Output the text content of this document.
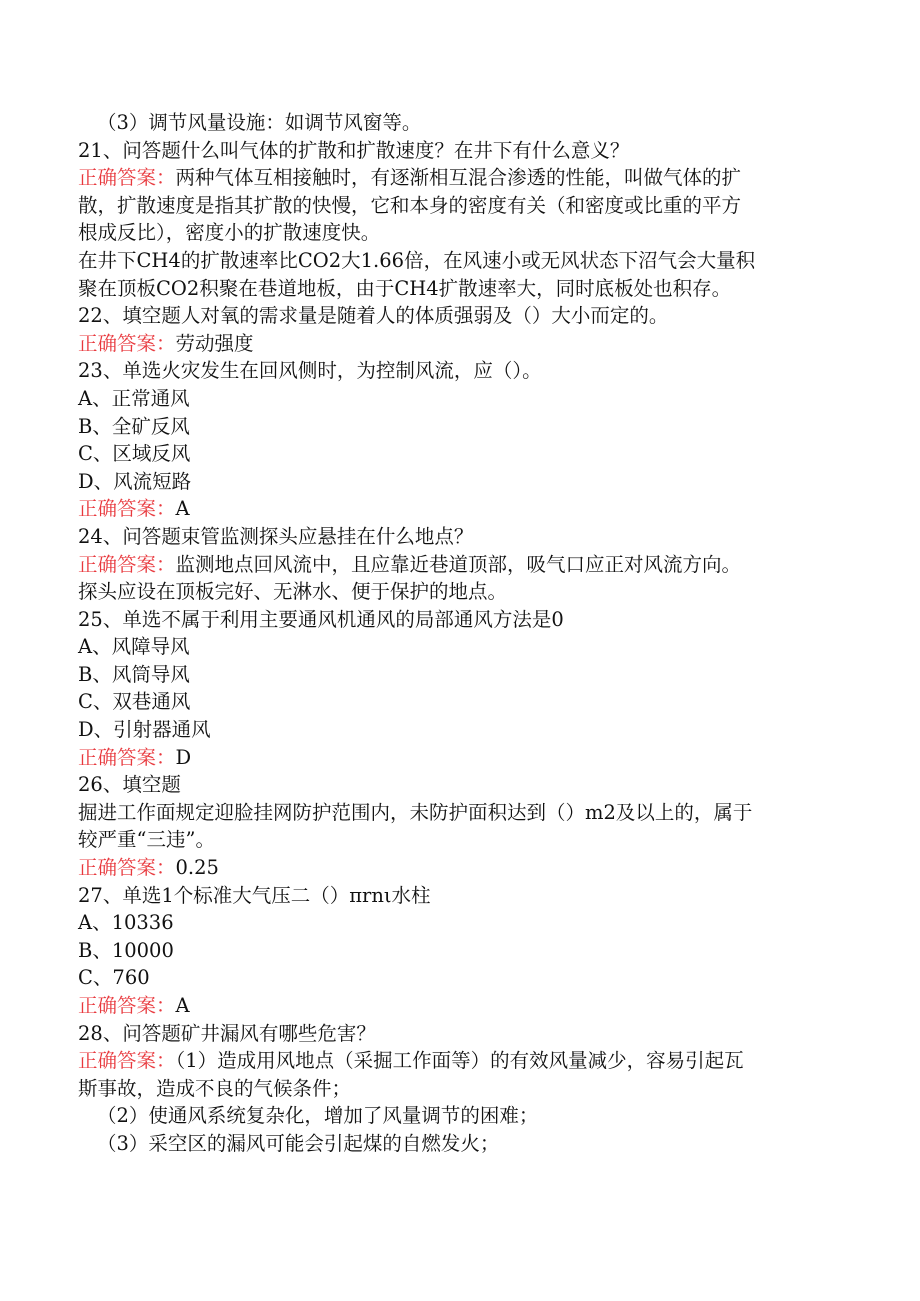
（3）调节风量设施：如调节风窗等。
21、问答题什么叫气体的扩散和扩散速度？在井下有什么意义？
正确答案：两种气体互相接触时，有逐渐相互混合渗透的性能，叫做气体的扩
散，扩散速度是指其扩散的快慢，它和本身的密度有关（和密度或比重的平方
根成反比），密度小的扩散速度快。
在井下CH4的扩散速率比CO2大1.66倍，在风速小或无风状态下沼气会大量积
聚在顶板CO2积聚在巷道地板，由于CH4扩散速率大，同时底板处也积存。
22、填空题人对氧的需求量是随着人的体质强弱及（）大小而定的。
正确答案：劳动强度
23、单选火灾发生在回风侧时，为控制风流，应（）。
A、正常通风
B、全矿反风
C、区域反风
D、风流短路
正确答案：A
24、问答题束管监测探头应悬挂在什么地点？
正确答案：监测地点回风流中，且应靠近巷道顶部，吸气口应正对风流方向。
探头应设在顶板完好、无淋水、便于保护的地点。
25、单选不属于利用主要通风机通风的局部通风方法是0
A、风障导风
B、风筒导风
C、双巷通风
D、引射器通风
正确答案：D
26、填空题
掘进工作面规定迎脸挂网防护范围内，未防护面积达到（）m2及以上的，属于
较严重“三违”。
正确答案：0.25
27、单选1个标准大气压二（）πrnι水柱
A、10336
B、10000
C、760
正确答案：A
28、问答题矿井漏风有哪些危害？
正确答案：（1）造成用风地点（采掘工作面等）的有效风量减少，容易引起瓦
斯事故，造成不良的气候条件；
（2）使通风系统复杂化，增加了风量调节的困难；
（3）采空区的漏风可能会引起煤的自燃发火；
